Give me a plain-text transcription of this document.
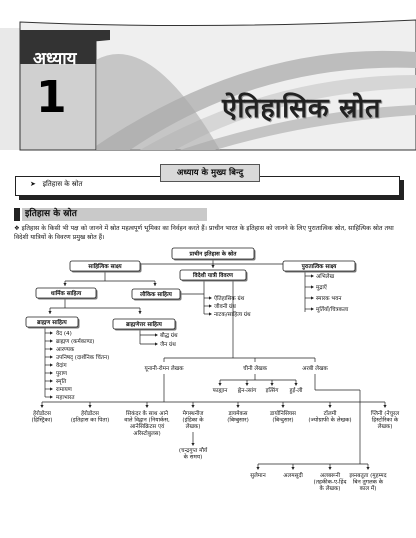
अध्याय
1	ऐतिहासिक स्रोत
➤ इतिहास के स्रोत
अध्याय के मुख्य बिन्दु
इतिहास के स्रोत
❖ इतिहास के किसी भी पक्ष को जानने में स्रोत महत्वपूर्ण भूमिका का निर्वहन करते हैं। प्राचीन भारत के इतिहास को जानने के लिए पुरातात्विक स्रोत, साहित्यिक स्रोत तथा विदेशी यात्रियों के विवरण प्रमुख स्रोत हैं।
प्राचीन इतिहास के स्रोत
साहित्यिक साक्ष्य
विदेशी यात्री विवरण
पुरातात्विक साक्ष्य
अभिलेख
मुद्राएँ
स्मारक भवन
मूर्तियाँ/चित्रकला
ऐतिहासिक ग्रंथ
जीवनी ग्रंथ
नाटक/साहित्य ग्रंथ
धार्मिक साहित्य	लौकिक साहित्य
ब्राह्मण साहित्य	ब्राह्मणेत्तर साहित्य
वेद (4)
ब्राह्मण (कर्मकाण्ड)
आरण्यक
उपनिषद् (दार्शनिक चिंतन)
वेदांग
पुराण
स्मृति
रामायण
महाभारत
बौद्ध ग्रंथ
जैन ग्रंथ
यूनानी-रोमन लेखक	चीनी लेखक	अरबी लेखक
फाह्यान ह्वेन-त्सांग इत्सिंग हुई-ली
हेरोडोटस (हिस्ट्रिका)
हेरोडोटस (इतिहास का पिता)
सिकंदर के साथ आने वाले विद्वान (नियार्कस, आनेसिक्रिटस एवं अरिस्टोबुलस)
मेगस्थनीज (इंडिका के लेखक)
डायमेकस (बिम्बुसार)
डायोनिसियस (बिन्दुसार)
टॉलमी (ज्योग्राफी के लेखक)
प्लिनी (नेचुरल हिस्टोरिका के लेखक)
(चन्द्रगुप्त मौर्य के समय)
सुलेमान	अलमसूदी	अलबरूनी (तहकीक-ए-हिंद के लेखक)
इब्नबतूता (मुहम्मद बिन तुगलक के काल में)
